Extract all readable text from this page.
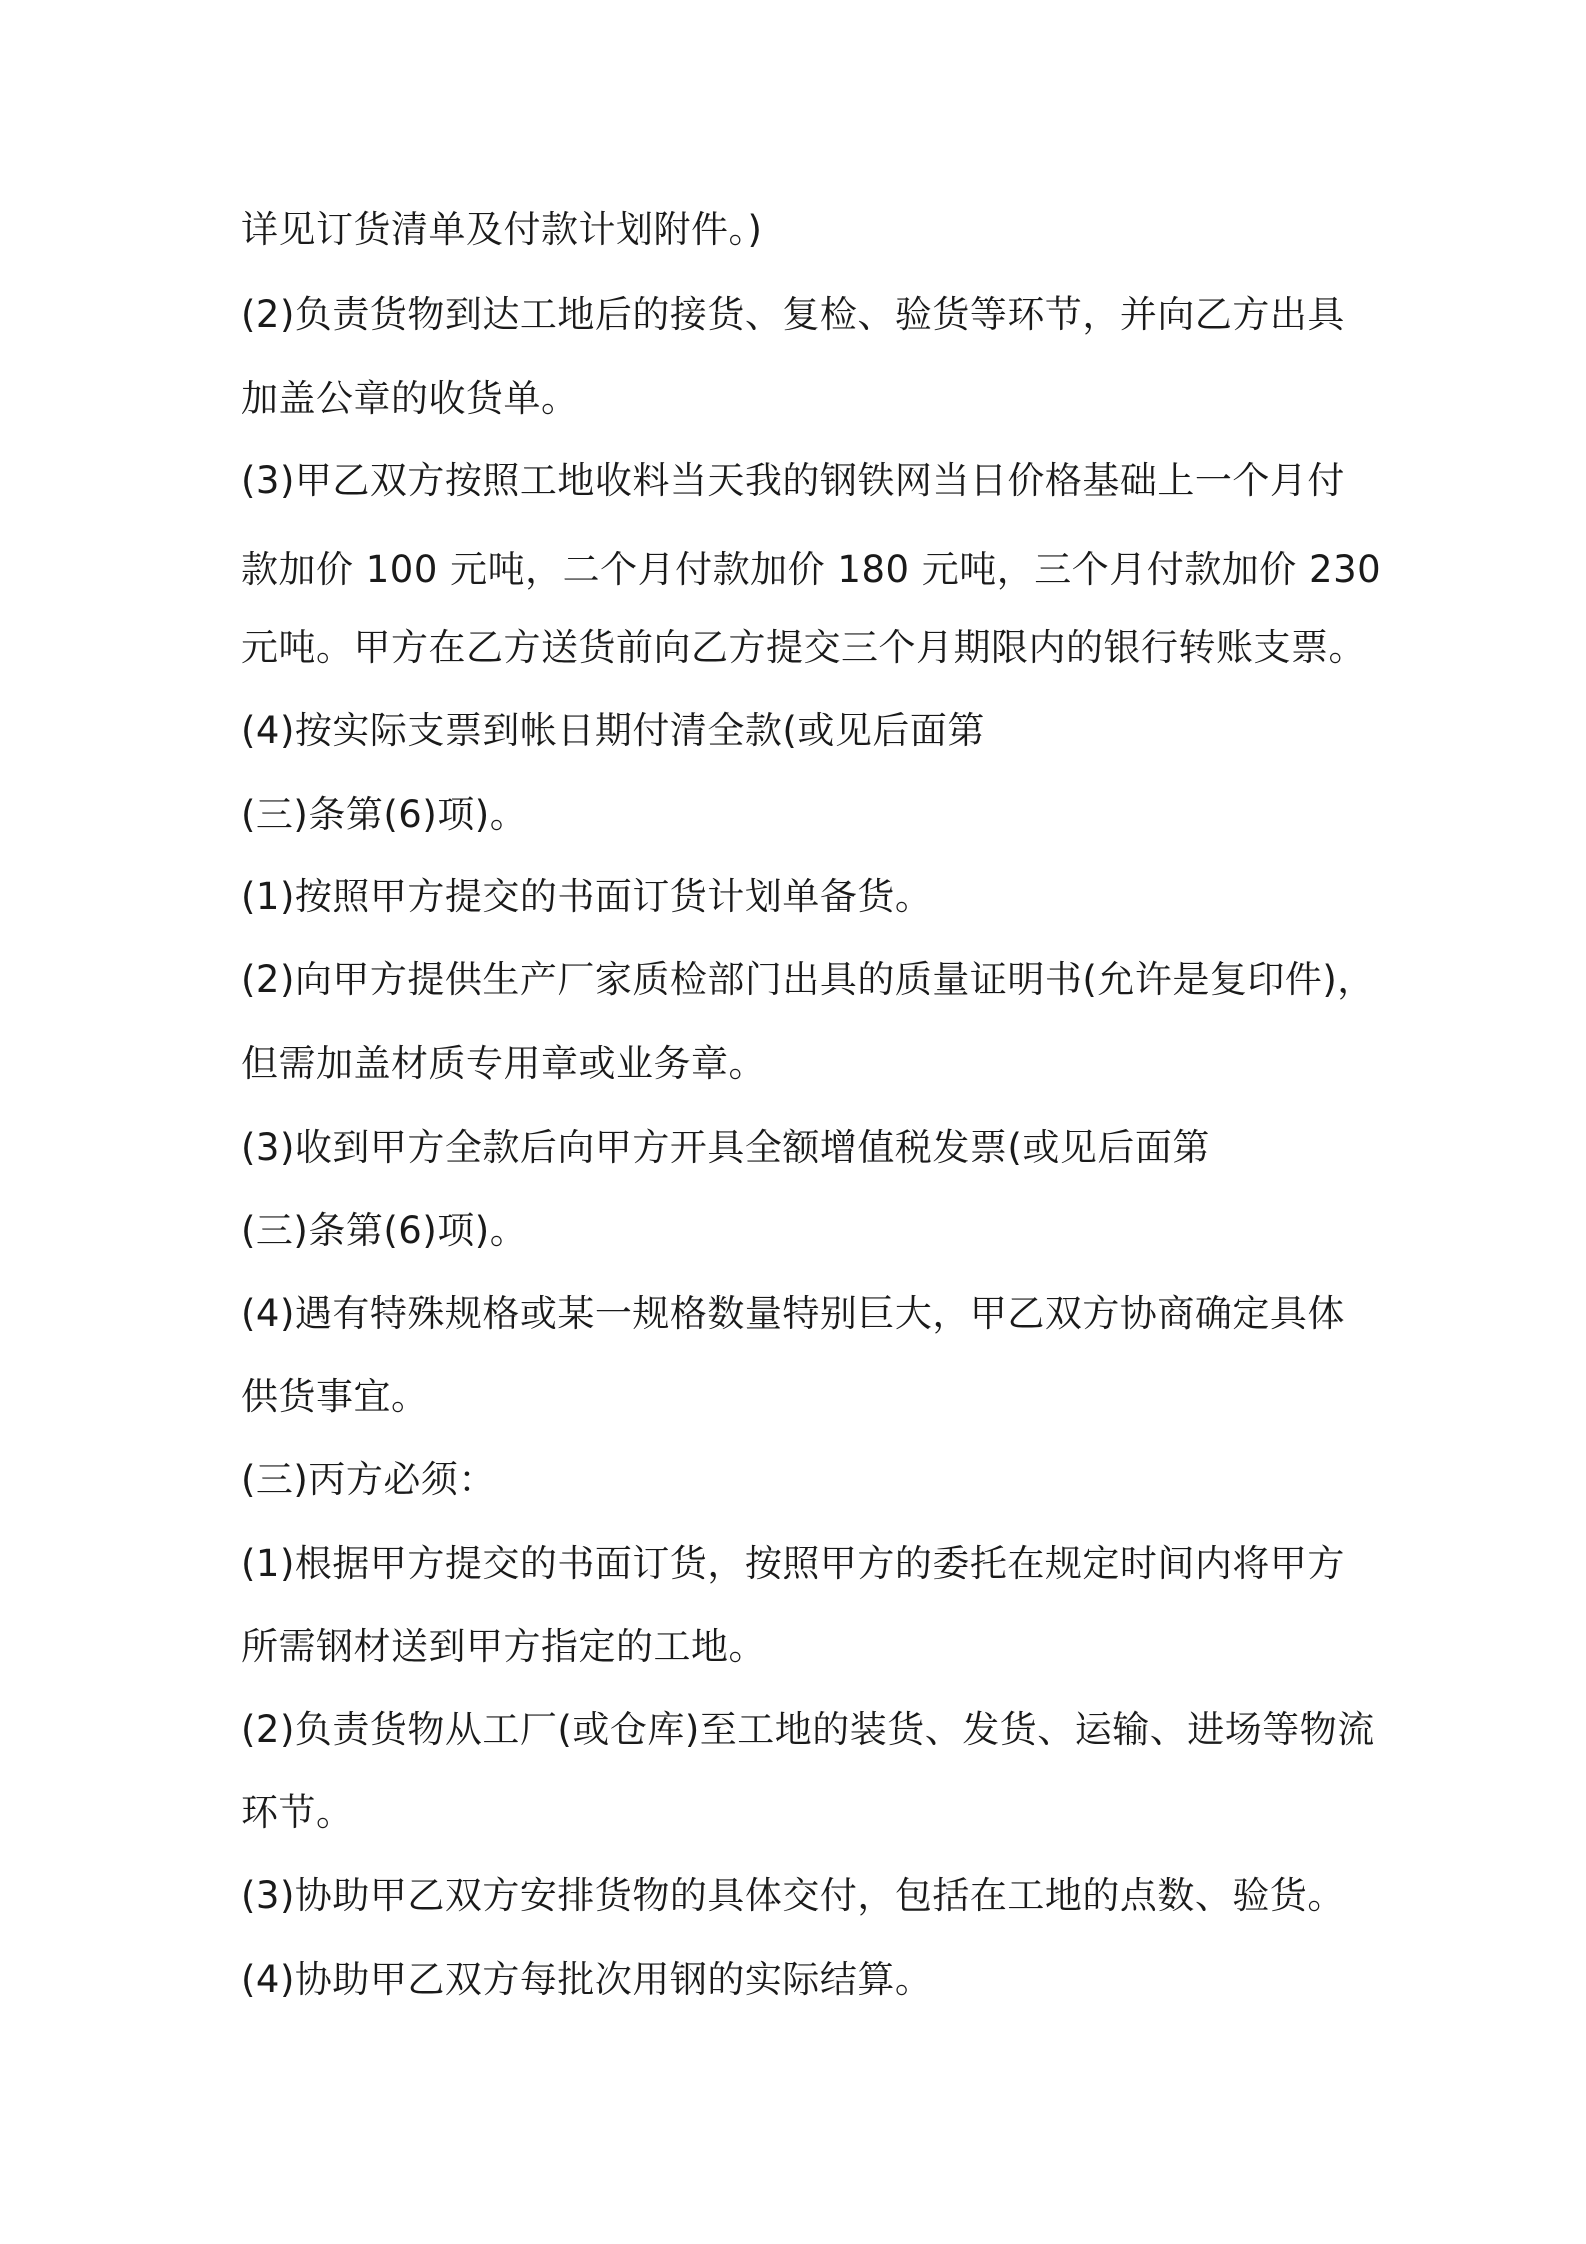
详见订货清单及付款计划附件。)
(2)负责货物到达工地后的接货、复检、验货等环节，并向乙方出具
加盖公章的收货单。
(3)甲乙双方按照工地收料当天我的钢铁网当日价格基础上一个月付
款加价 100 元吨，二个月付款加价 180 元吨，三个月付款加价 230
元吨。甲方在乙方送货前向乙方提交三个月期限内的银行转账支票。
(4)按实际支票到帐日期付清全款(或见后面第
(三)条第(6)项)。
(1)按照甲方提交的书面订货计划单备货。
(2)向甲方提供生产厂家质检部门出具的质量证明书(允许是复印件)，
但需加盖材质专用章或业务章。
(3)收到甲方全款后向甲方开具全额增值税发票(或见后面第
(三)条第(6)项)。
(4)遇有特殊规格或某一规格数量特别巨大，甲乙双方协商确定具体
供货事宜。
(三)丙方必须：
(1)根据甲方提交的书面订货，按照甲方的委托在规定时间内将甲方
所需钢材送到甲方指定的工地。
(2)负责货物从工厂(或仓库)至工地的装货、发货、运输、进场等物流
环节。
(3)协助甲乙双方安排货物的具体交付，包括在工地的点数、验货。
(4)协助甲乙双方每批次用钢的实际结算。
